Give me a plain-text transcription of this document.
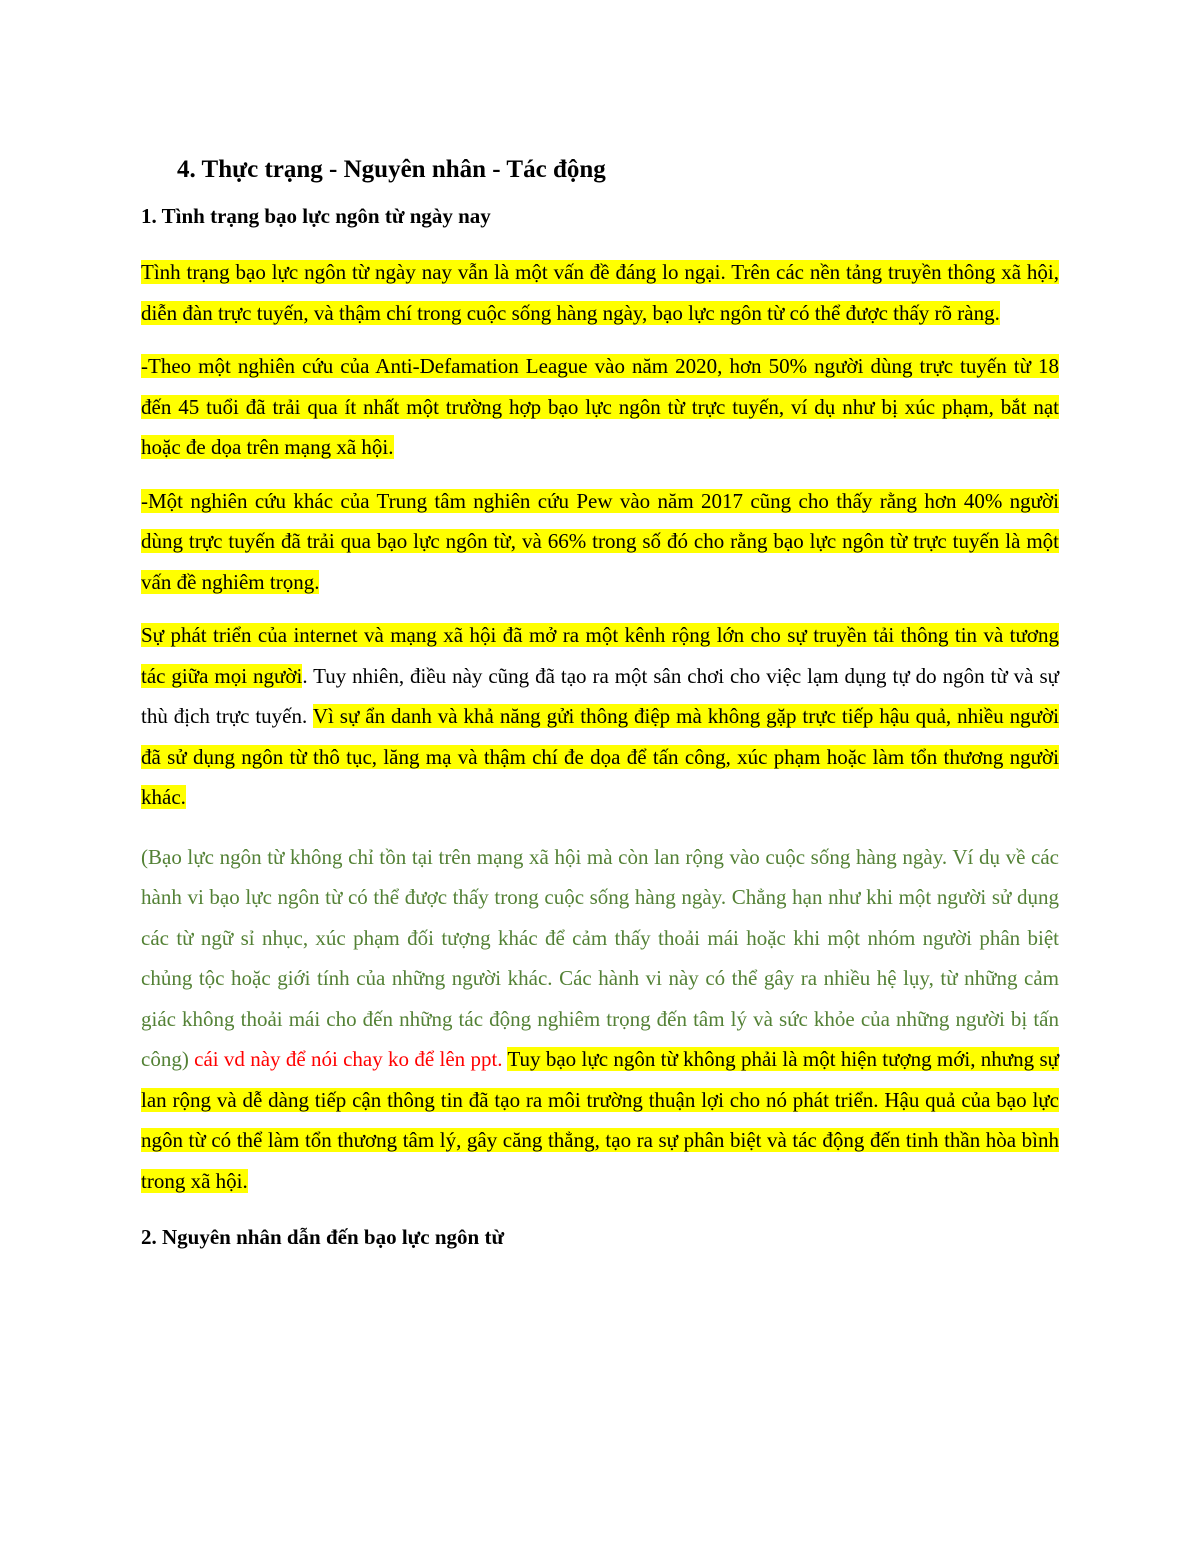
4. Thực trạng - Nguyên nhân - Tác động
1. Tình trạng bạo lực ngôn từ ngày nay

Tình trạng bạo lực ngôn từ ngày nay vẫn là một vấn đề đáng lo ngại. Trên các nền tảng truyền thông xã hội, diễn đàn trực tuyến, và thậm chí trong cuộc sống hàng ngày, bạo lực ngôn từ có thể được thấy rõ ràng.

-Theo một nghiên cứu của Anti-Defamation League vào năm 2020, hơn 50% người dùng trực tuyến từ 18 đến 45 tuổi đã trải qua ít nhất một trường hợp bạo lực ngôn từ trực tuyến, ví dụ như bị xúc phạm, bắt nạt hoặc đe dọa trên mạng xã hội.

-Một nghiên cứu khác của Trung tâm nghiên cứu Pew vào năm 2017 cũng cho thấy rằng hơn 40% người dùng trực tuyến đã trải qua bạo lực ngôn từ, và 66% trong số đó cho rằng bạo lực ngôn từ trực tuyến là một vấn đề nghiêm trọng.

Sự phát triển của internet và mạng xã hội đã mở ra một kênh rộng lớn cho sự truyền tải thông tin và tương tác giữa mọi người. Tuy nhiên, điều này cũng đã tạo ra một sân chơi cho việc lạm dụng tự do ngôn từ và sự thù địch trực tuyến. Vì sự ẩn danh và khả năng gửi thông điệp mà không gặp trực tiếp hậu quả, nhiều người đã sử dụng ngôn từ thô tục, lăng mạ và thậm chí đe dọa để tấn công, xúc phạm hoặc làm tổn thương người khác.

(Bạo lực ngôn từ không chỉ tồn tại trên mạng xã hội mà còn lan rộng vào cuộc sống hàng ngày. Ví dụ về các hành vi bạo lực ngôn từ có thể được thấy trong cuộc sống hàng ngày. Chẳng hạn như khi một người sử dụng các từ ngữ sỉ nhục, xúc phạm đối tượng khác để cảm thấy thoải mái hoặc khi một nhóm người phân biệt chủng tộc hoặc giới tính của những người khác. Các hành vi này có thể gây ra nhiều hệ lụy, từ những cảm giác không thoải mái cho đến những tác động nghiêm trọng đến tâm lý và sức khỏe của những người bị tấn công) cái vd này để nói chay ko để lên ppt. Tuy bạo lực ngôn từ không phải là một hiện tượng mới, nhưng sự lan rộng và dễ dàng tiếp cận thông tin đã tạo ra môi trường thuận lợi cho nó phát triển. Hậu quả của bạo lực ngôn từ có thể làm tổn thương tâm lý, gây căng thẳng, tạo ra sự phân biệt và tác động đến tinh thần hòa bình trong xã hội.

2. Nguyên nhân dẫn đến bạo lực ngôn từ
